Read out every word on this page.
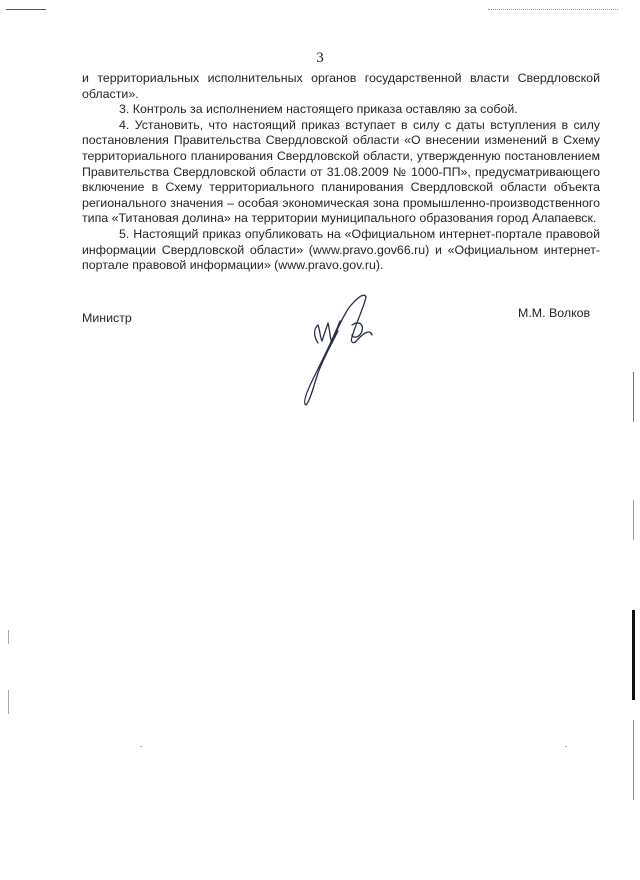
3

и территориальных исполнительных органов государственной власти Свердловской области».

3. Контроль за исполнением настоящего приказа оставляю за собой.

4. Установить, что настоящий приказ вступает в силу с даты вступления в силу постановления Правительства Свердловской области «О внесении изменений в Схему территориального планирования Свердловской области, утвержденную постановлением Правительства Свердловской области от 31.08.2009 № 1000-ПП», предусматривающего включение в Схему территориального планирования Свердловской области объекта регионального значения – особая экономическая зона промышленно-производственного типа «Титановая долина» на территории муниципального образования город Алапаевск.

5. Настоящий приказ опубликовать на «Официальном интернет-портале правовой информации Свердловской области» (www.pravo.gov66.ru) и «Официальном интернет-портале правовой информации» (www.pravo.gov.ru).

Министр	М.М. Волков
